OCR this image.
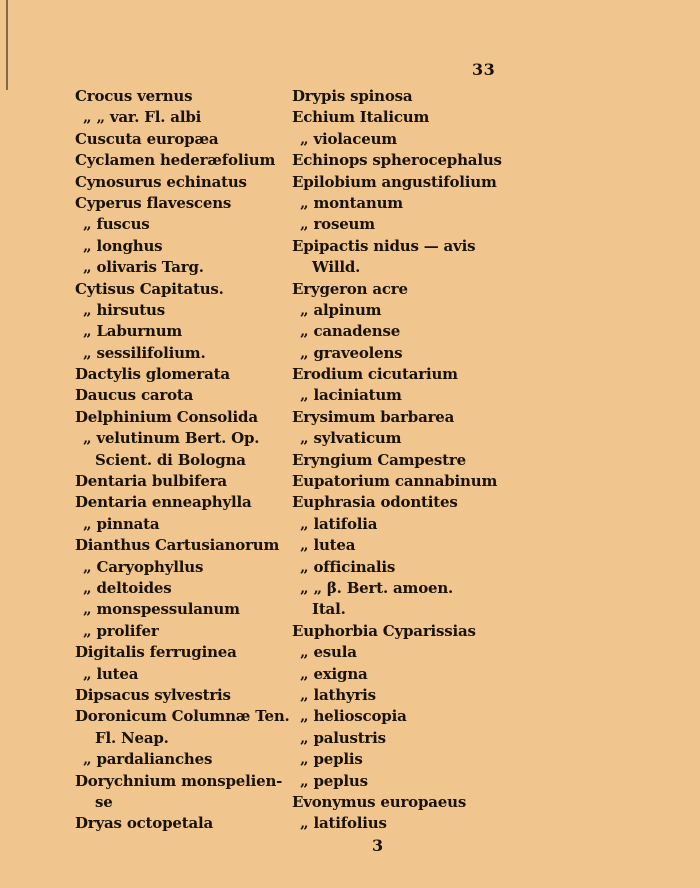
33
Crocus vernus
„ „ var. Fl. albi
Cuscuta europæa
Cyclamen hederæfolium
Cynosurus echinatus
Cyperus flavescens
„ fuscus
„ longhus
„ olivaris Targ.
Cytisus Capitatus.
„ hirsutus
„ Laburnum
„ sessilifolium.
Dactylis glomerata
Daucus carota
Delphinium Consolida
„ velutinum Bert. Op.
Scient. di Bologna
Dentaria bulbifera
Dentaria enneaphylla
„ pinnata
Dianthus Cartusianorum
„ Caryophyllus
„ deltoides
„ monspessulanum
„ prolifer
Digitalis ferruginea
„ lutea
Dipsacus sylvestris
Doronicum Columnæ Ten.
Fl. Neap.
„ pardalianches
Dorychnium monspelien-
se
Dryas octopetala
Drypis spinosa
Echium Italicum
„ violaceum
Echinops spherocephalus
Epilobium angustifolium
„ montanum
„ roseum
Epipactis nidus — avis
Willd.
Erygeron acre
„ alpinum
„ canadense
„ graveolens
Erodium cicutarium
„ laciniatum
Erysimum barbarea
„ sylvaticum
Eryngium Campestre
Eupatorium cannabinum
Euphrasia odontites
„ latifolia
„ lutea
„ officinalis
„ „ β. Bert. amoen.
Ital.
Euphorbia Cyparissias
„ esula
„ exigna
„ lathyris
„ helioscopia
„ palustris
„ peplis
„ peplus
Evonymus europaeus
„ latifolius
3
